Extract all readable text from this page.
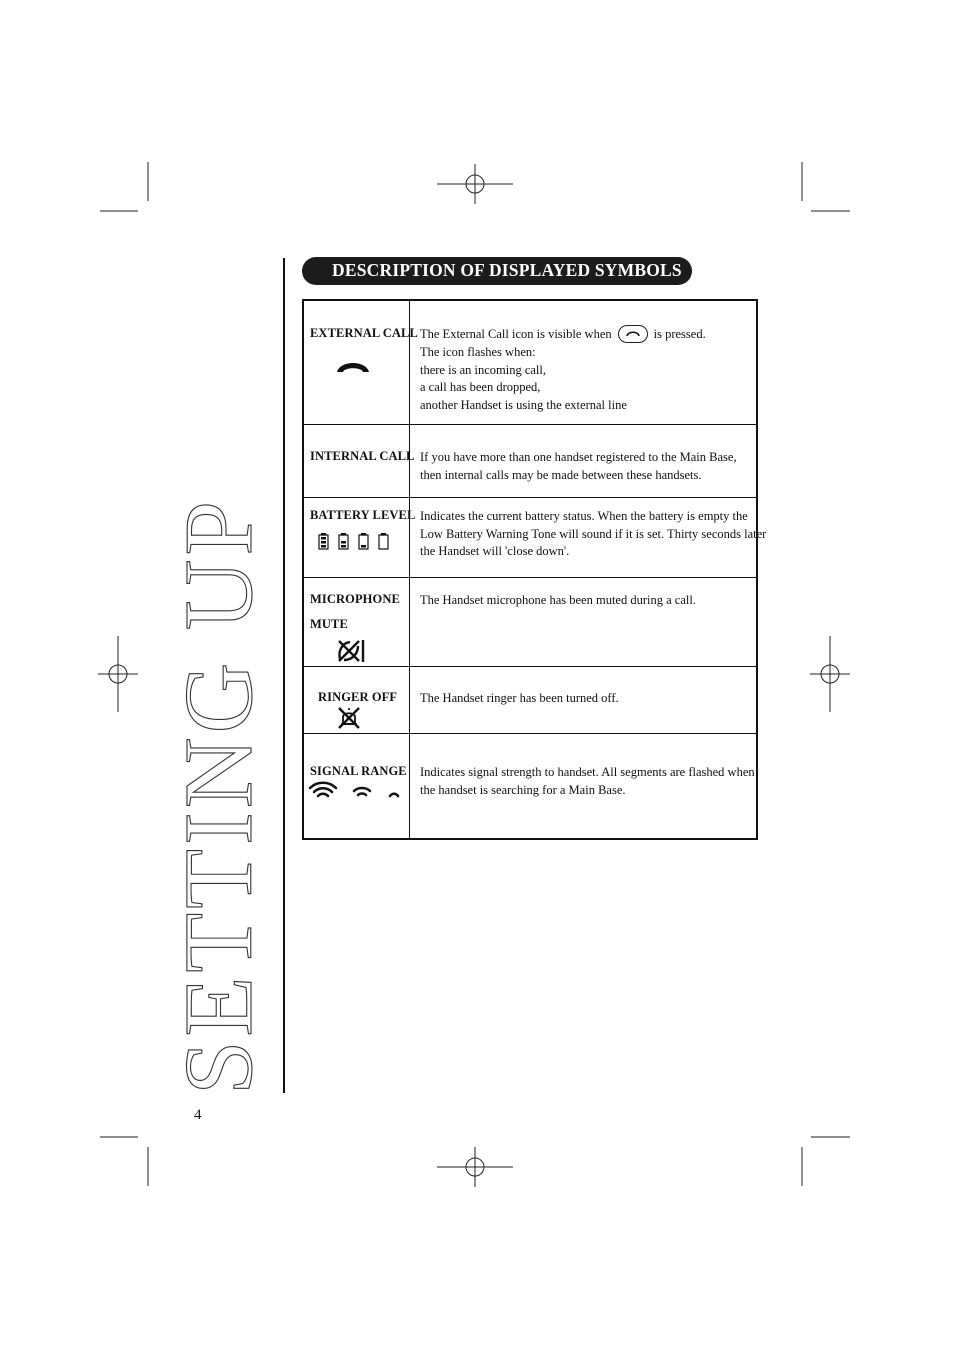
SETTING UP
4
DESCRIPTION OF DISPLAYED SYMBOLS
EXTERNAL CALL The External Call icon is visible when	is pressed.
The icon flashes when:
there is an incoming call,
a call has been dropped,
another Handset is using the external line
INTERNAL CALL If you have more than one handset registered to the Main Base,
then internal calls may be made between these handsets.
BATTERY LEVEL Indicates the current battery status. When the battery is empty the
Low Battery Warning Tone will sound if it is set. Thirty seconds later
the Handset will 'close down'.
MICROPHONE
MUTE
The Handset microphone has been muted during a call.
RINGER OFF The Handset ringer has been turned off.
SIGNAL RANGE Indicates signal strength to handset. All segments are flashed when
the handset is searching for a Main Base.
